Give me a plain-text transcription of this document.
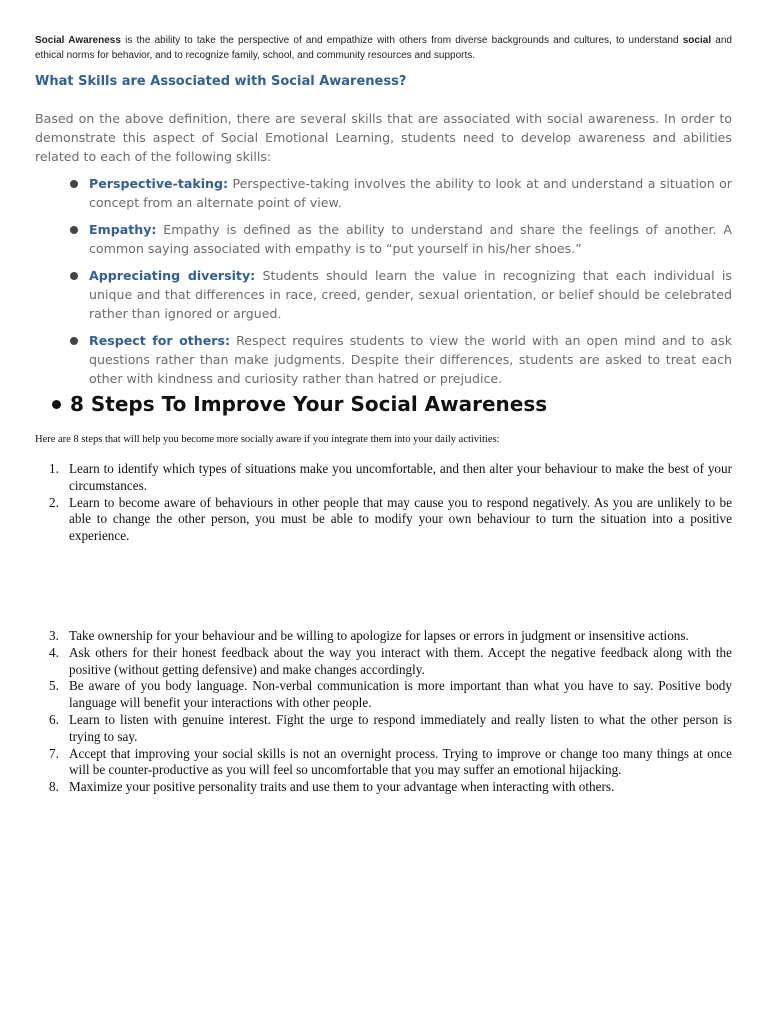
Social Awareness is the ability to take the perspective of and empathize with others from diverse backgrounds and cultures, to understand social and ethical norms for behavior, and to recognize family, school, and community resources and supports.

What Skills are Associated with Social Awareness?

Based on the above definition, there are several skills that are associated with social awareness. In order to demonstrate this aspect of Social Emotional Learning, students need to develop awareness and abilities related to each of the following skills:

Perspective-taking: Perspective-taking involves the ability to look at and understand a situation or concept from an alternate point of view.
Empathy: Empathy is defined as the ability to understand and share the feelings of another. A common saying associated with empathy is to “put yourself in his/her shoes.”
Appreciating diversity: Students should learn the value in recognizing that each individual is unique and that differences in race, creed, gender, sexual orientation, or belief should be celebrated rather than ignored or argued.
Respect for others: Respect requires students to view the world with an open mind and to ask questions rather than make judgments. Despite their differences, students are asked to treat each other with kindness and curiosity rather than hatred or prejudice.
8 Steps To Improve Your Social Awareness
Here are 8 steps that will help you become more socially aware if you integrate them into your daily activities:
1. Learn to identify which types of situations make you uncomfortable, and then alter your behaviour to make the best of your circumstances.
2. Learn to become aware of behaviours in other people that may cause you to respond negatively. As you are unlikely to be able to change the other person, you must be able to modify your own behaviour to turn the situation into a positive experience.
3. Take ownership for your behaviour and be willing to apologize for lapses or errors in judgment or insensitive actions.
4. Ask others for their honest feedback about the way you interact with them. Accept the negative feedback along with the positive (without getting defensive) and make changes accordingly.
5. Be aware of you body language. Non-verbal communication is more important than what you have to say. Positive body language will benefit your interactions with other people.
6. Learn to listen with genuine interest. Fight the urge to respond immediately and really listen to what the other person is trying to say.
7. Accept that improving your social skills is not an overnight process. Trying to improve or change too many things at once will be counter-productive as you will feel so uncomfortable that you may suffer an emotional hijacking.
8. Maximize your positive personality traits and use them to your advantage when interacting with others.
